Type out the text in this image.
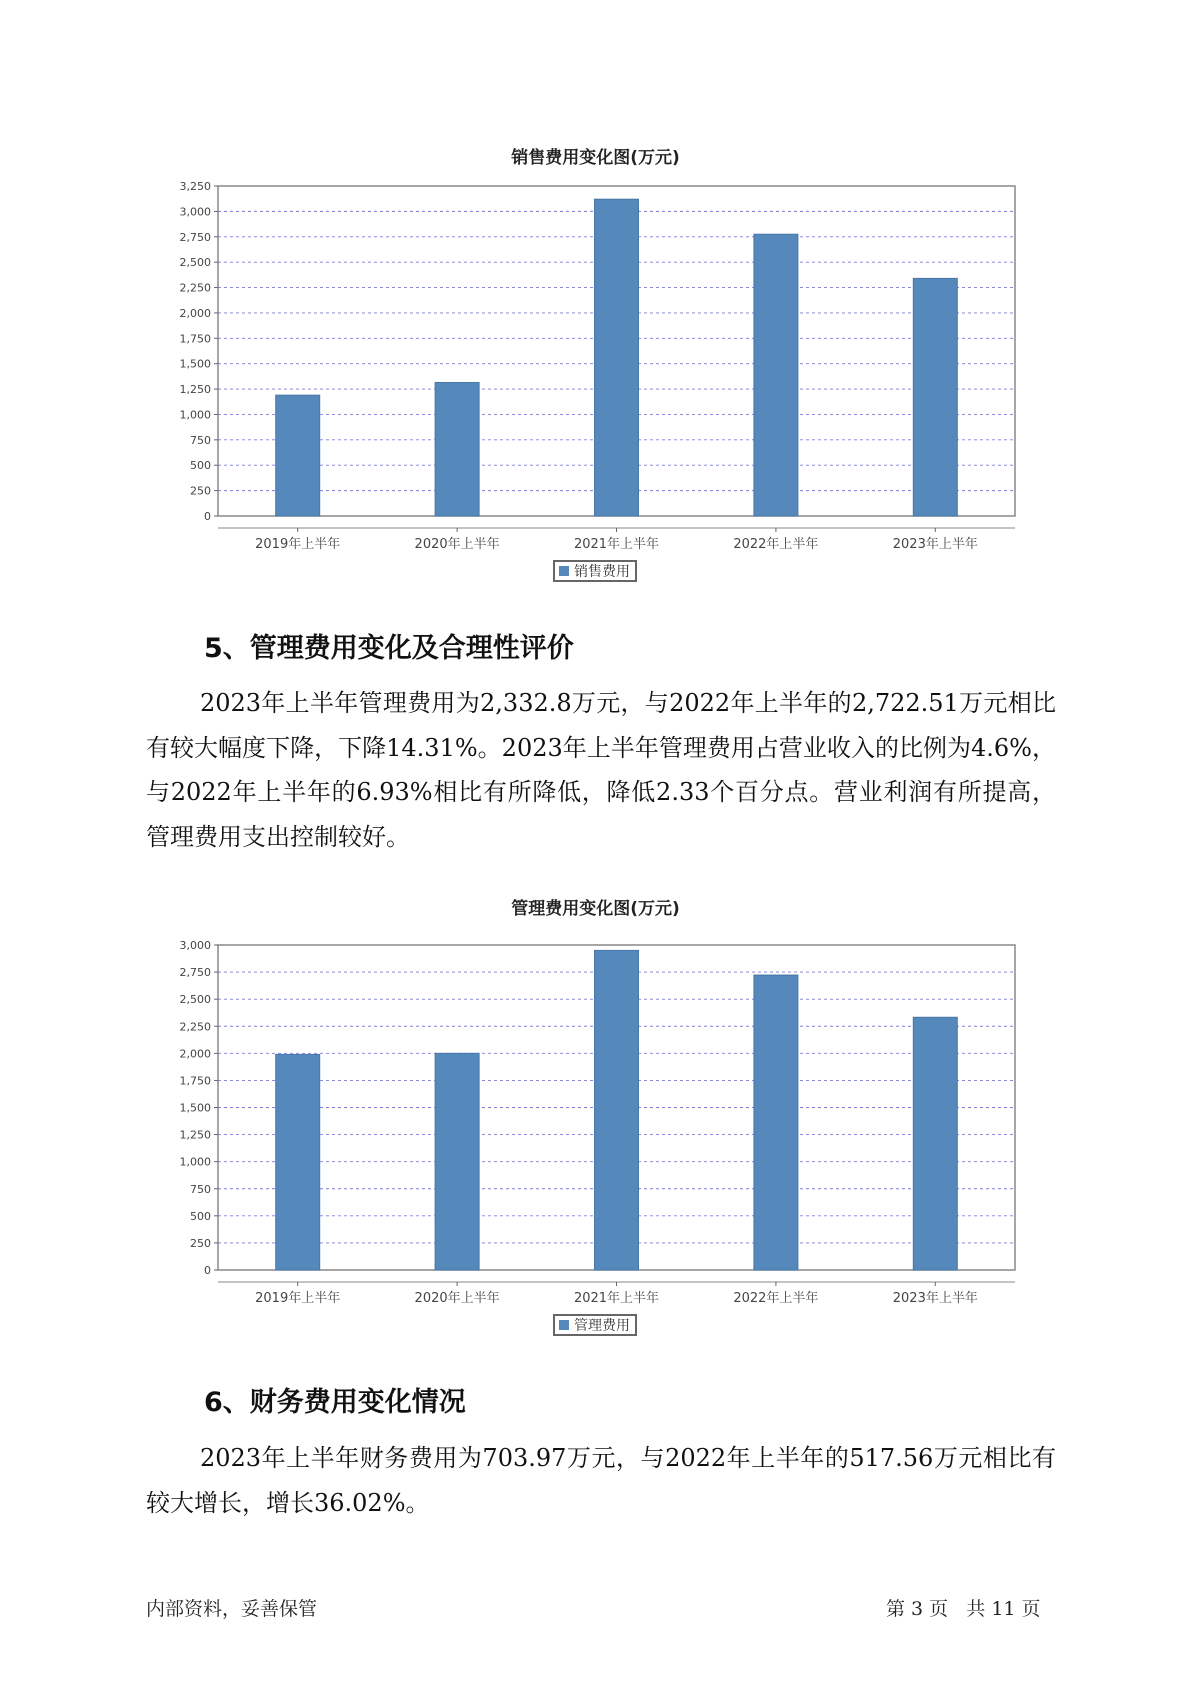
销售费用变化图(万元)
0
250
500
750
1,000
1,250
1,500
1,750
2,000
2,250
2,500
2,750
3,000
3,250
2019年上半年	2020年上半年	2021年上半年	2022年上半年	2023年上半年
销售费用
5、管理费用变化及合理性评价

2023年上半年管理费用为2,332.8万元，与2022年上半年的2,722.51万元相比有较大幅度下降，下降14.31%。2023年上半年管理费用占营业收入的比例为4.6%，与2022年上半年的6.93%相比有所降低，降低2.33个百分点。营业利润有所提高，管理费用支出控制较好。

管理费用变化图(万元)
0
250
500
750
1,000
1,250
1,500
1,750
2,000
2,250
2,500
2,750
3,000
2019年上半年	2020年上半年	2021年上半年	2022年上半年	2023年上半年
管理费用
6、财务费用变化情况

2023年上半年财务费用为703.97万元，与2022年上半年的517.56万元相比有较大增长，增长36.02%。

内部资料，妥善保管	第 3 页   共 11 页
